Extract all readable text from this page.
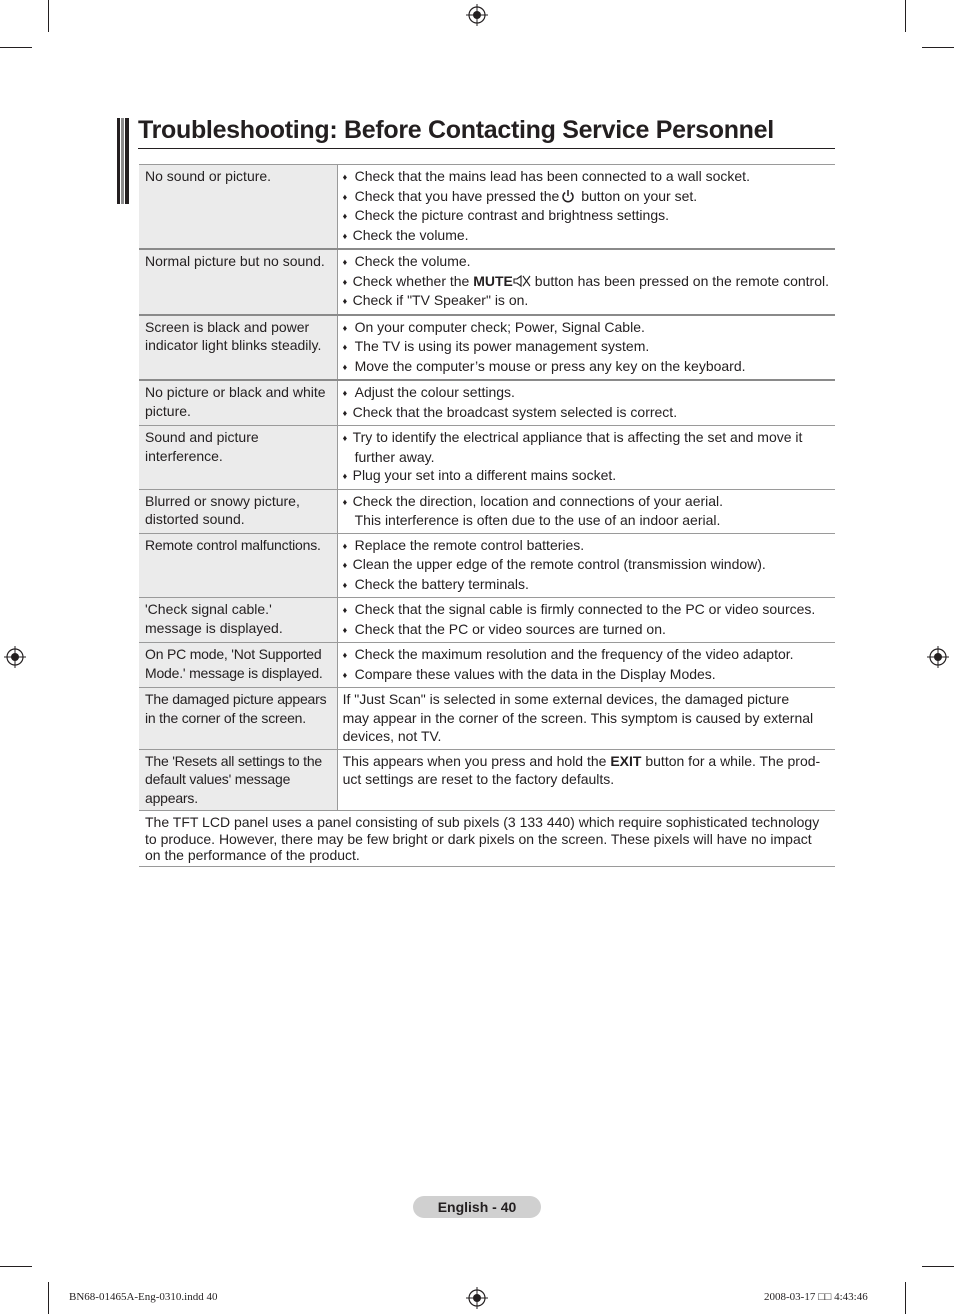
Troubleshooting: Before Contacting Service Personnel
No sound or picture.	♦ Check that the mains lead has been connected to a wall socket.
♦ Check that you have pressed the button on your set.
♦ Check the picture contrast and brightness settings.
♦ Check the volume.

Normal picture but no sound.	♦ Check the volume.
♦ Check whether the MUTE button has been pressed on the remote control.
♦ Check if "TV Speaker" is on.

Screen is black and power indicator light blinks steadily.	♦ On your computer check; Power, Signal Cable.
♦ The TV is using its power management system.
♦ Move the computer’s mouse or press any key on the keyboard.

No picture or black and white picture.	♦ Adjust the colour settings.
♦ Check that the broadcast system selected is correct.

Sound and picture interference.	♦ Try to identify the electrical appliance that is affecting the set and move it
further away.
♦ Plug your set into a different mains socket.

Blurred or snowy picture, distorted sound.	♦ Check the direction, location and connections of your aerial.
This interference is often due to the use of an indoor aerial.

Remote control malfunctions.	♦ Replace the remote control batteries.
♦ Clean the upper edge of the remote control (transmission window).
♦ Check the battery terminals.

'Check signal cable.' message is displayed.	♦ Check that the signal cable is firmly connected to the PC or video sources.
♦ Check that the PC or video sources are turned on.

On PC mode, 'Not Supported Mode.' message is displayed.	♦ Check the maximum resolution and the frequency of the video adaptor.
♦ Compare these values with the data in the Display Modes.

The damaged picture appears in the corner of the screen.	If "Just Scan" is selected in some external devices, the damaged picture
may appear in the corner of the screen. This symptom is caused by external
devices, not TV.

The 'Resets all settings to the default values' message appears.	This appears when you press and hold the EXIT button for a while. The prod-
uct settings are reset to the factory defaults.

The TFT LCD panel uses a panel consisting of sub pixels (3 133 440) which require sophisticated technology to produce. However, there may be few bright or dark pixels on the screen. These pixels will have no impact on the performance of the product.	
English - 40
BN68-01465A-Eng-0310.indd 40	2008-03-17 □□ 4:43:46
